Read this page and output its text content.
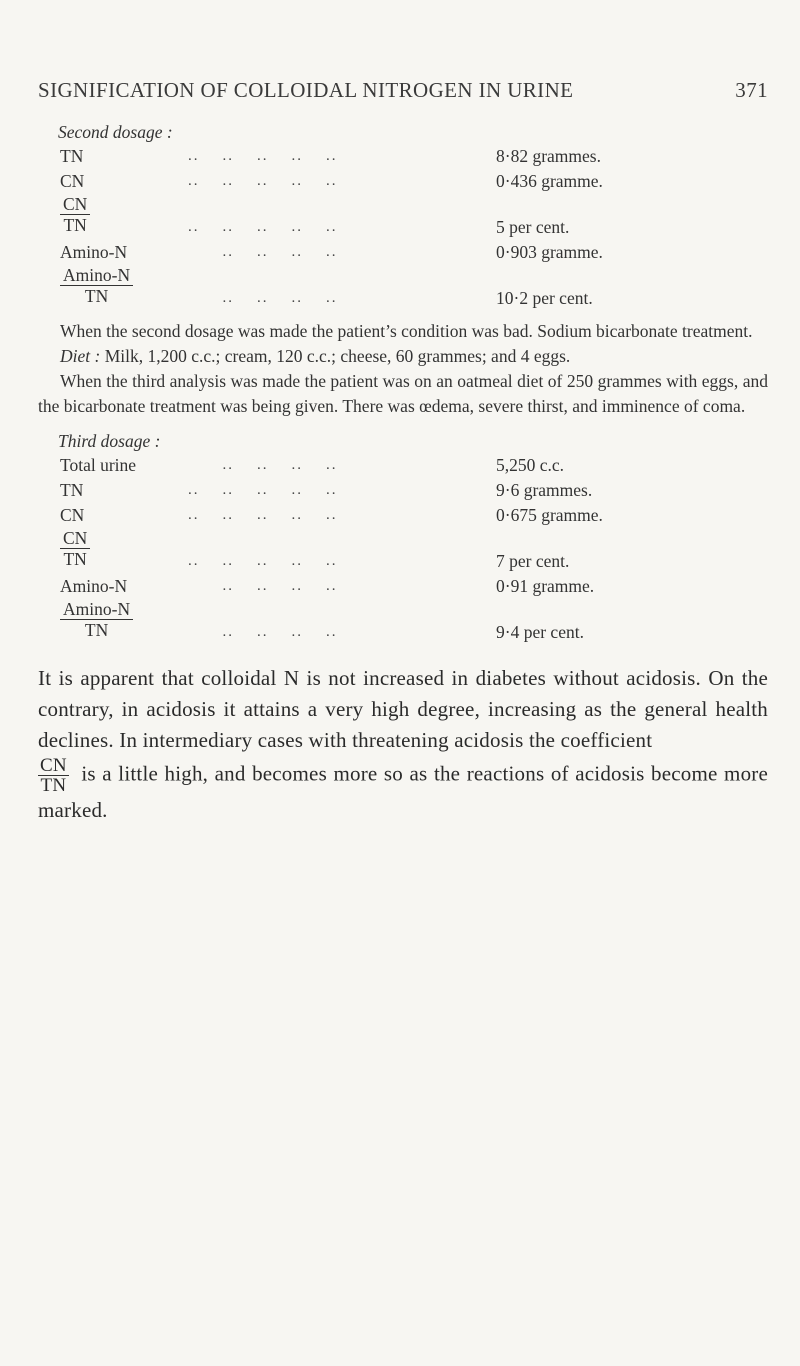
SIGNIFICATION OF COLLOIDAL NITROGEN IN URINE	371
Second dosage :
TN	..    ..    ..    ..    ..	8·82 grammes.
CN	..    ..    ..    ..    ..	0·436 gramme.
$\frac{CN}{TN}$	..    ..    ..    ..    ..	5 per cent.
Amino-N	..    ..    ..    ..	0·903 gramme.
Amino-N
TN	..    ..    ..    ..	10·2 per cent.

When the second dosage was made the patient’s condition was bad. Sodium bicarbonate treatment.

Diet : Milk, 1,200 c.c.; cream, 120 c.c.; cheese, 60 grammes; and 4 eggs.

When the third analysis was made the patient was on an oatmeal diet of 250 grammes with eggs, and the bicarbonate treatment was being given. There was œdema, severe thirst, and imminence of coma.

Third dosage :
Total urine	..    ..    ..    ..	5,250 c.c.
TN	..    ..    ..    ..    ..	9·6 grammes.
CN	..    ..    ..    ..    ..	0·675 gramme.
$\frac{CN}{TN}$	..    ..    ..    ..    ..	7 per cent.
Amino-N	..    ..    ..    ..	0·91 gramme.
Amino-N
TN	..    ..    ..    ..	9·4 per cent.

It is apparent that colloidal N is not increased in diabetes without acidosis. On the contrary, in acidosis it attains a very high degree, increasing as the general health declines. In intermediary cases with threatening acidosis the coefficient

$\frac{CN}{TN}$ is a little high, and becomes more so as the reactions of acidosis become more marked.
